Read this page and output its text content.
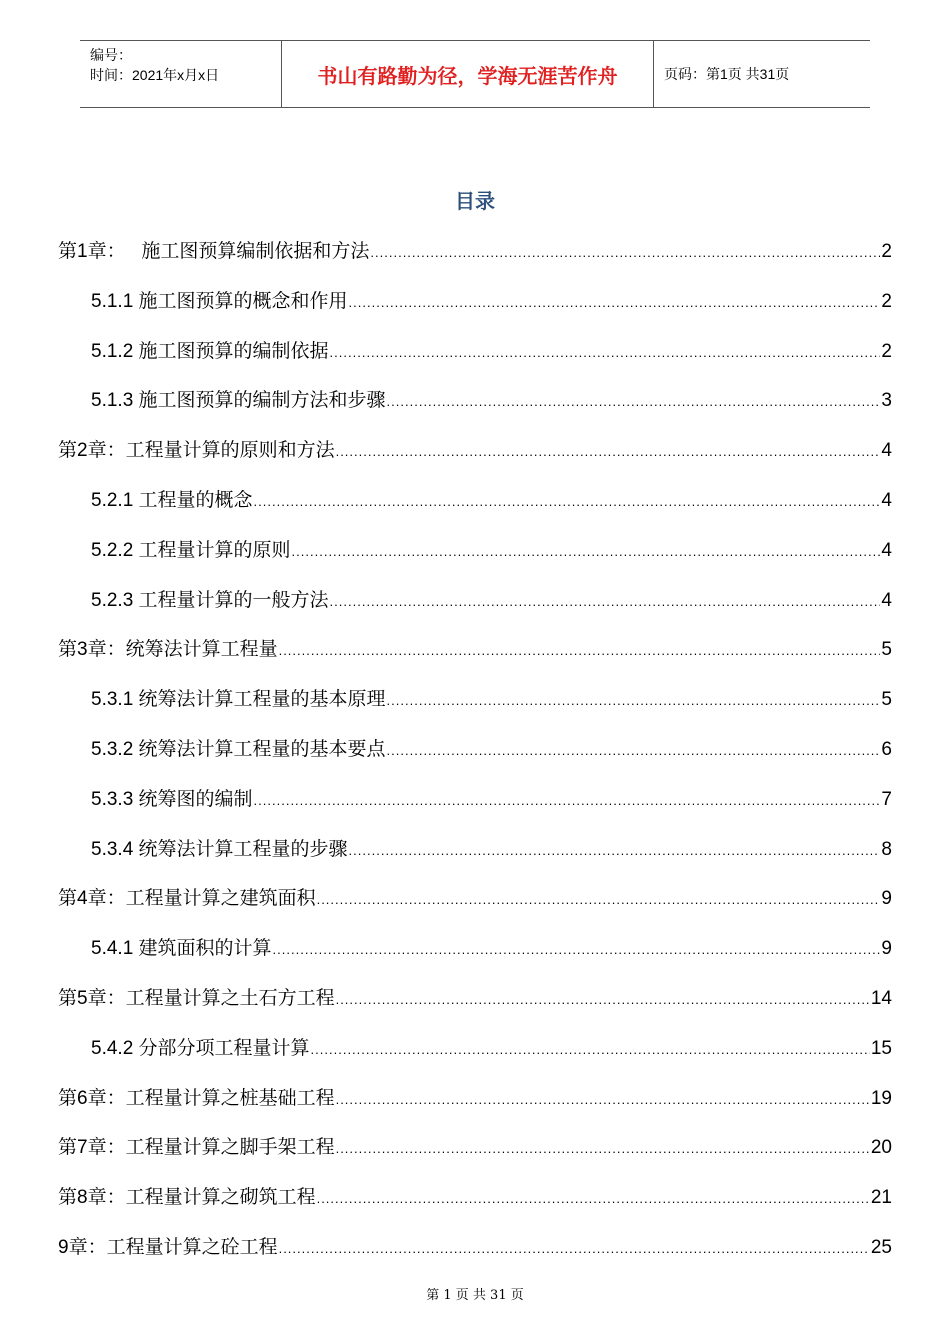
编号：
时间：2021年x月x日	书山有路勤为径，学海无涯苦作舟	页码：第1页 共31页
目录
第1章：   施工图预算编制依据和方法 .....	2
5.1.1 施工图预算的概念和作用 .....	2
5.1.2 施工图预算的编制依据 .....	2
5.1.3 施工图预算的编制方法和步骤 .....	3
第2章：工程量计算的原则和方法 .....	4
5.2.1 工程量的概念 .....	4
5.2.2 工程量计算的原则 .....	4
5.2.3 工程量计算的一般方法 .....	4
第3章：统筹法计算工程量 .....	5
5.3.1 统筹法计算工程量的基本原理 .....	5
5.3.2 统筹法计算工程量的基本要点 .....	6
5.3.3 统筹图的编制 .....	7
5.3.4 统筹法计算工程量的步骤 .....	8
第4章：工程量计算之建筑面积 .....	9
5.4.1 建筑面积的计算 .....	9
第5章：工程量计算之土石方工程 .....	14
5.4.2 分部分项工程量计算 .....	15
第6章：工程量计算之桩基础工程 .....	19
第7章：工程量计算之脚手架工程 .....	20
第8章：工程量计算之砌筑工程 .....	21
9章：工程量计算之砼工程 .....	25
第 1 页 共 31 页
